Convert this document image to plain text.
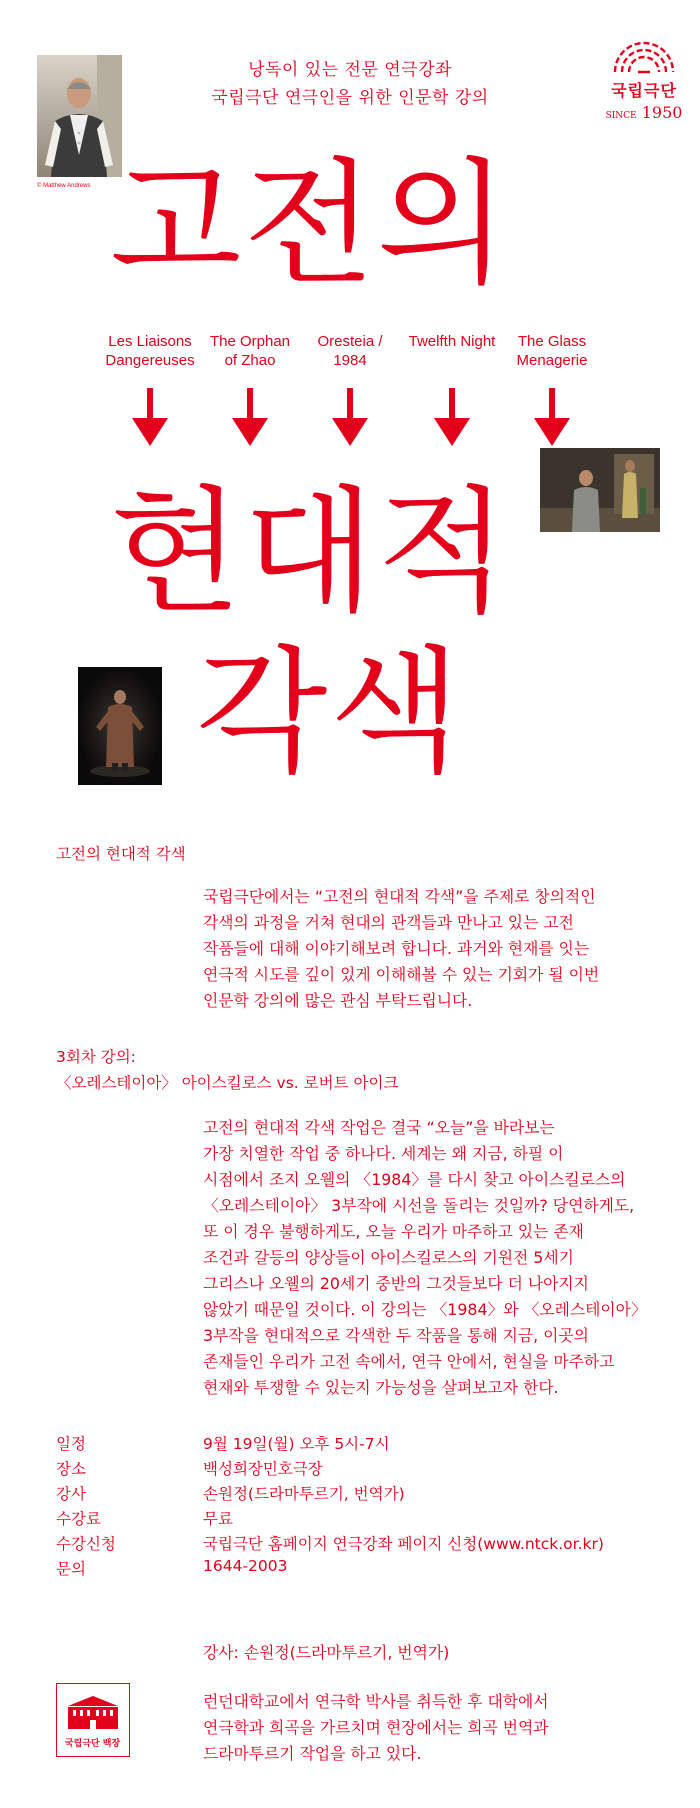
© Matthew Andrews
낭독이 있는 전문 연극강좌
국립극단 연극인을 위한 인문학 강의	국립극단
SINCE 1950
고전의
Les Liaisons
Dangereuses
The Orphan
of Zhao
Oresteia /
1984
Twelfth Night	The Glass
Menagerie
현대적
각색
고전의 현대적 각색
국립극단에서는 “고전의 현대적 각색”을 주제로 창의적인
각색의 과정을 거쳐 현대의 관객들과 만나고 있는 고전
작품들에 대해 이야기해보려 합니다. 과거와 현재를 잇는
연극적 시도를 깊이 있게 이해해볼 수 있는 기회가 될 이번
인문학 강의에 많은 관심 부탁드립니다.
3회차 강의:
〈오레스테이아〉 아이스킬로스 vs. 로버트 아이크
고전의 현대적 각색 작업은 결국 “오늘”을 바라보는
가장 치열한 작업 중 하나다. 세계는 왜 지금, 하필 이
시점에서 조지 오웰의 〈1984〉를 다시 찾고 아이스킬로스의
〈오레스테이아〉 3부작에 시선을 돌리는 것일까? 당연하게도,
또 이 경우 불행하게도, 오늘 우리가 마주하고 있는 존재
조건과 갈등의 양상들이 아이스킬로스의 기원전 5세기
그리스나 오웰의 20세기 중반의 그것들보다 더 나아지지
않았기 때문일 것이다. 이 강의는 〈1984〉와 〈오레스테이아〉
3부작을 현대적으로 각색한 두 작품을 통해 지금, 이곳의
존재들인 우리가 고전 속에서, 연극 안에서, 현실을 마주하고
현재와 투쟁할 수 있는지 가능성을 살펴보고자 한다.
일정	9월 19일(월) 오후 5시-7시
장소	백성희장민호극장
강사	손원정(드라마투르기, 번역가)
수강료	무료
수강신청	국립극단 홈페이지 연극강좌 페이지 신청(www.ntck.or.kr)
문의	1644-2003
강사: 손원정(드라마투르기, 번역가)
런던대학교에서 연극학 박사를 취득한 후 대학에서
연극학과 희곡을 가르치며 현장에서는 희곡 번역과
드라마투르기 작업을 하고 있다.
국립극단 백장
